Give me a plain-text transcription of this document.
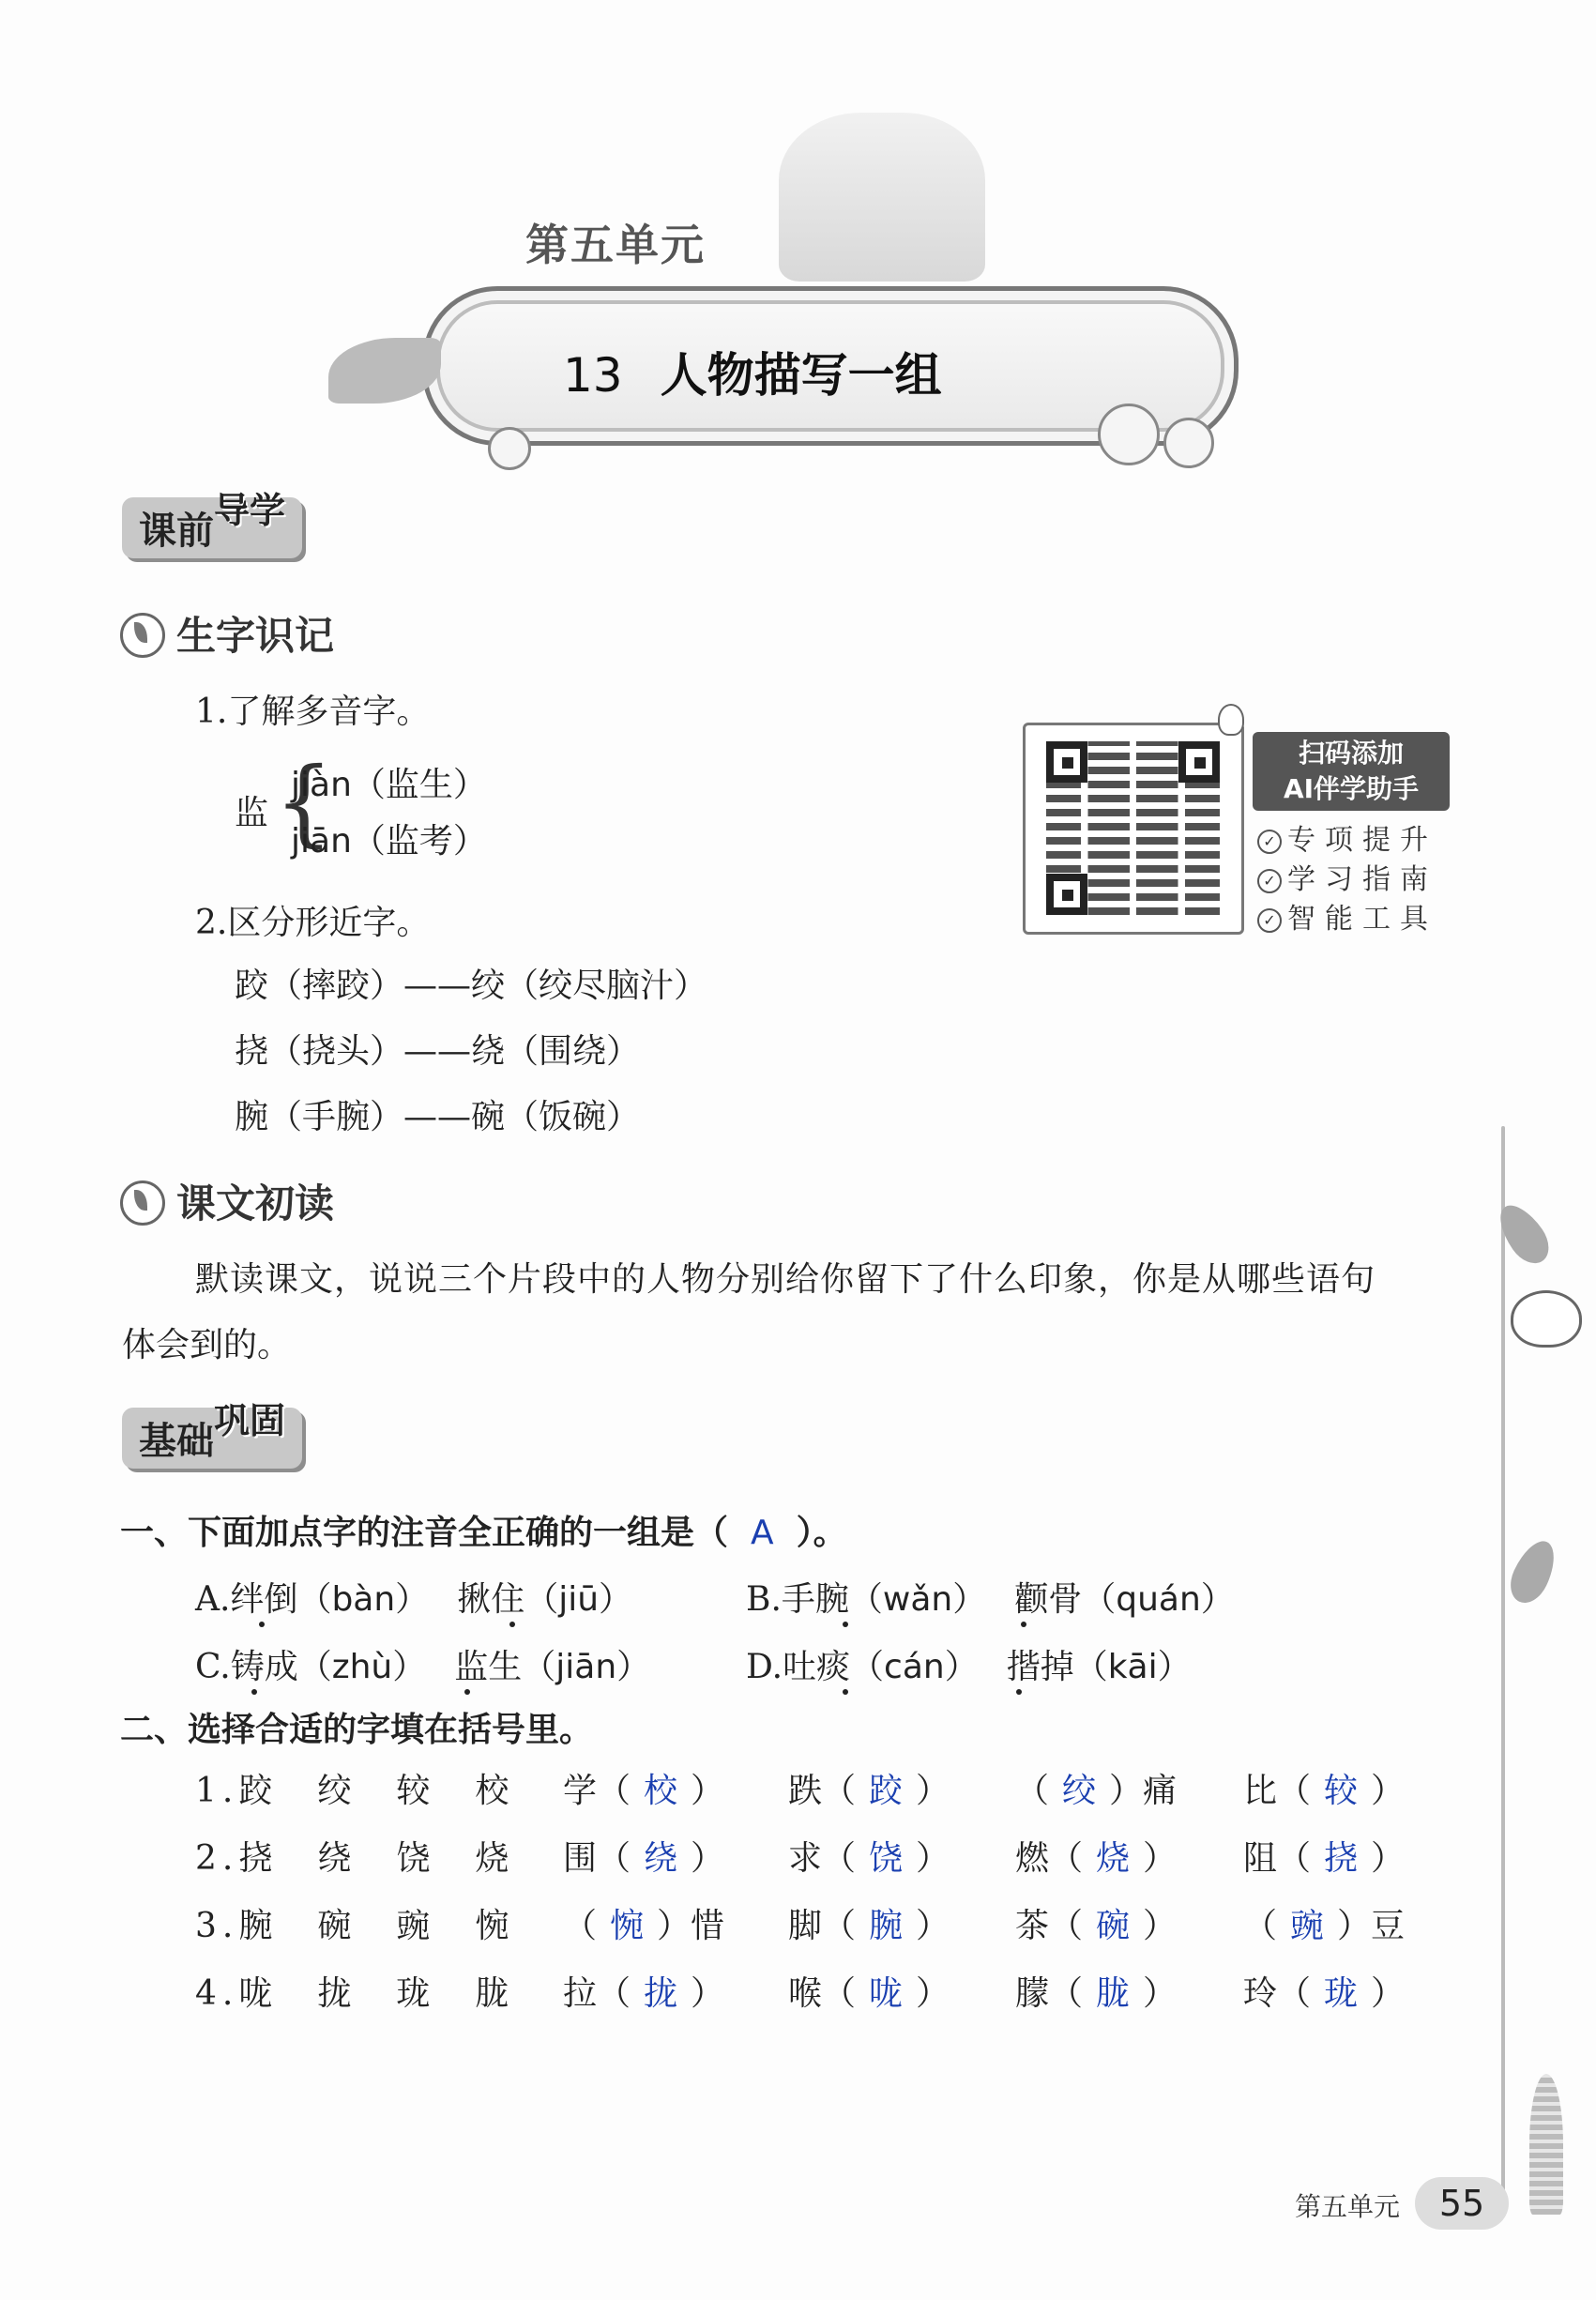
第五单元
13 人物描写一组
课前导学
生字识记
1.了解多音字。
监 {
jiàn（监生）
jiān（监考）
2.区分形近字。
跤（摔跤）——绞（绞尽脑汁）
挠（挠头）——绕（围绕）
腕（手腕）——碗（饭碗）
扫码添加
AI伴学助手
✓ 专项提升
✓ 学习指南
✓ 智能工具
课文初读
默读课文，说说三个片段中的人物分别给你留下了什么印象，你是从哪些语句
体会到的。
基础巩固
一、下面加点字的注音全正确的一组是（ A ）。
A.绊倒（bàn） 揪住（jiū）	B.手腕（wǎn） 颧骨（quán）
C.铸成（zhù） 监生（jiān）	D.吐痰（cán） 揩掉（kāi）
二、选择合适的字填在括号里。
1.跤　绞　较　校 学（ 校 ） 跌（ 跤 ） （ 绞 ）痛 比（ 较 ）
2.挠　绕　饶　烧 围（ 绕 ） 求（ 饶 ） 燃（ 烧 ） 阻（ 挠 ）
3.腕　碗　豌　惋 （ 惋 ）惜 脚（ 腕 ） 茶（ 碗 ） （ 豌 ）豆
4.咙　拢　珑　胧 拉（ 拢 ） 喉（ 咙 ） 朦（ 胧 ） 玲（ 珑 ）
第五单元	55
